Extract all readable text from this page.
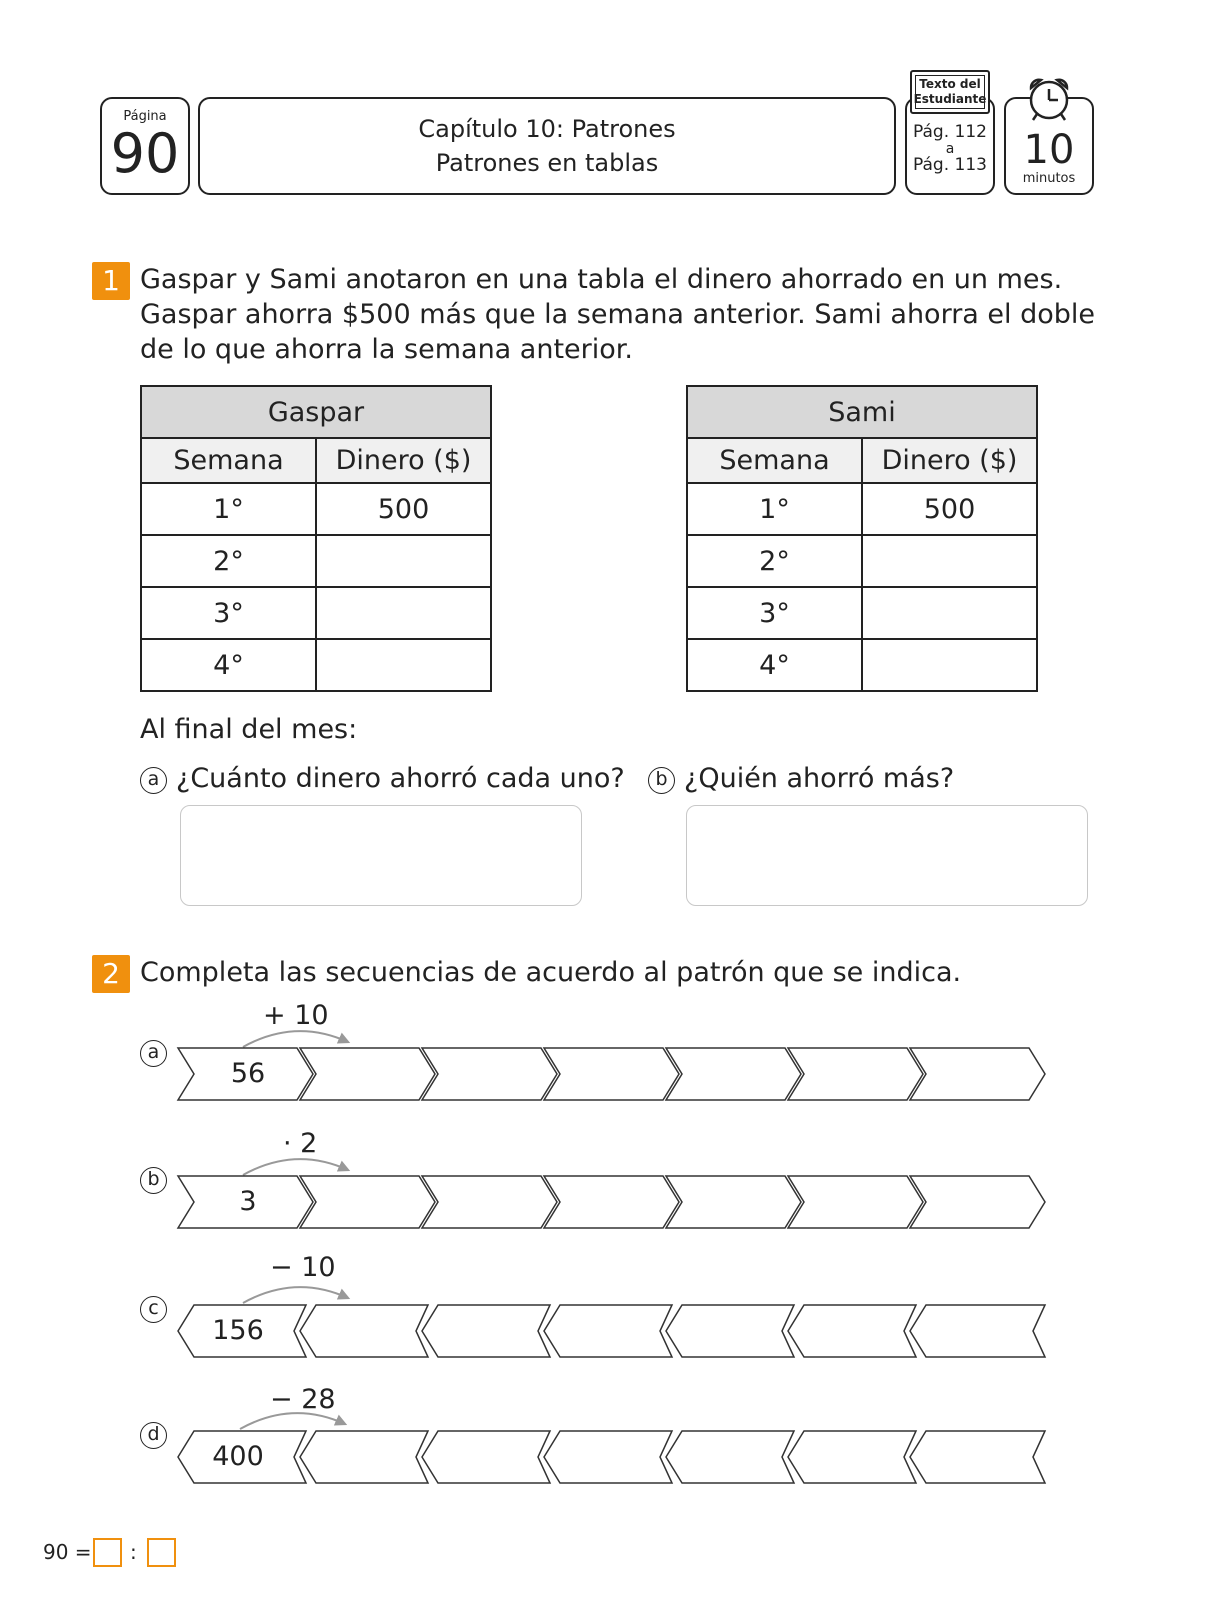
Página
90	Capítulo 10: Patrones
Patrones en tablas
Pág. 112
a
Pág. 113
Texto del
Estudiante
10
minutos
1 Gaspar y Sami anotaron en una tabla el dinero ahorrado en un mes.
Gaspar ahorra $500 más que la semana anterior. Sami ahorra el doble
de lo que ahorra la semana anterior.
Gaspar	
Semana	Dinero ($)
1°	500
2°	
3°	
4°	
Sami	
Semana	Dinero ($)
1°	500
2°	
3°	
4°	
Al final del mes:
a ¿Cuánto dinero ahorró cada uno?	b ¿Quién ahorró más?
2 Completa las secuencias de acuerdo al patrón que se indica.
a
+ 10
56
b
· 2
3
c
− 10
156
d
− 28
400
90 = :
